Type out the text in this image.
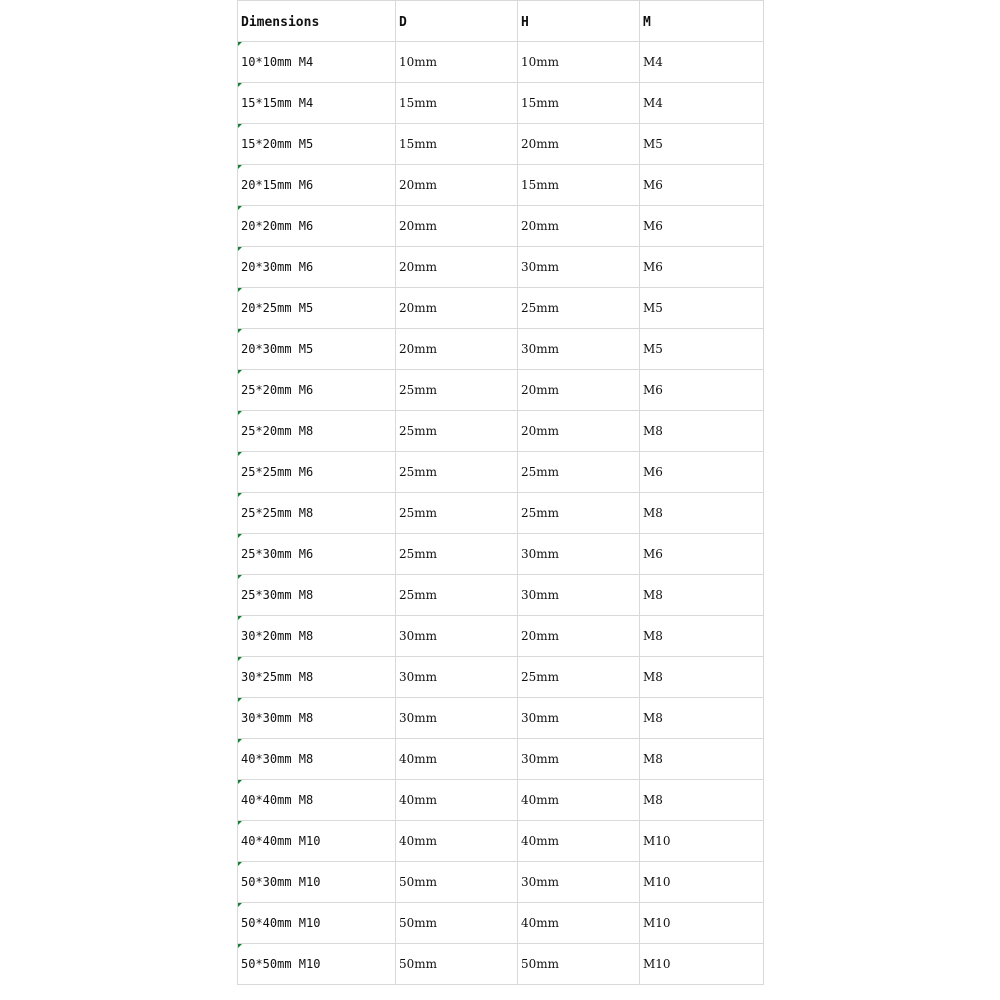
Dimensions	D	H	M

10*10mm M4	10mm	10mm	M4

15*15mm M4	15mm	15mm	M4

15*20mm M5	15mm	20mm	M5

20*15mm M6	20mm	15mm	M6

20*20mm M6	20mm	20mm	M6

20*30mm M6	20mm	30mm	M6

20*25mm M5	20mm	25mm	M5

20*30mm M5	20mm	30mm	M5

25*20mm M6	25mm	20mm	M6

25*20mm M8	25mm	20mm	M8

25*25mm M6	25mm	25mm	M6

25*25mm M8	25mm	25mm	M8

25*30mm M6	25mm	30mm	M6

25*30mm M8	25mm	30mm	M8

30*20mm M8	30mm	20mm	M8

30*25mm M8	30mm	25mm	M8

30*30mm M8	30mm	30mm	M8

40*30mm M8	40mm	30mm	M8

40*40mm M8	40mm	40mm	M8

40*40mm M10	40mm	40mm	M10

50*30mm M10	50mm	30mm	M10

50*40mm M10	50mm	40mm	M10

50*50mm M10	50mm	50mm	M10
